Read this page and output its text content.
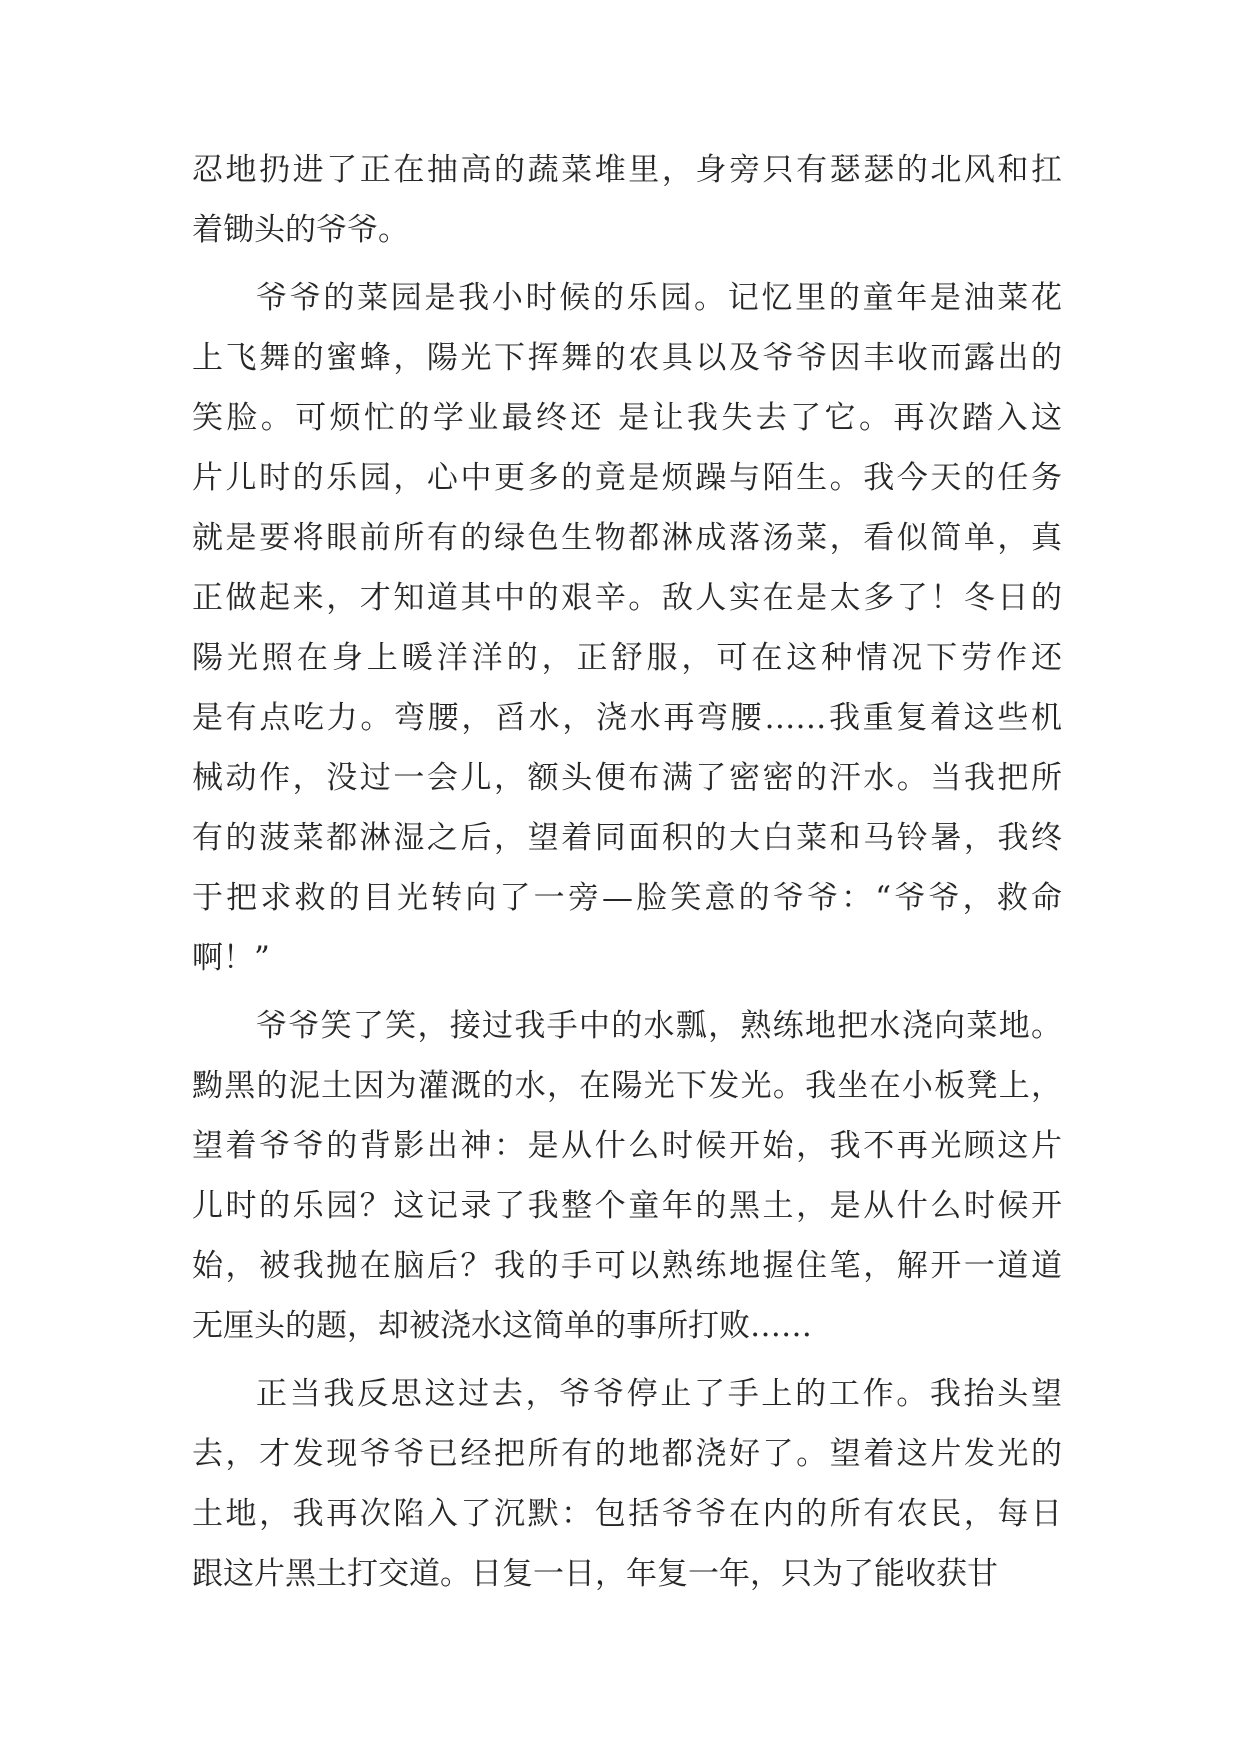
忍地扔进了正在抽高的蔬菜堆里，身旁只有瑟瑟的北风和扛
着锄头的爷爷。
爷爷的菜园是我小时候的乐园。记忆里的童年是油菜花
上飞舞的蜜蜂，陽光下挥舞的农具以及爷爷因丰收而露出的
笑脸。可烦忙的学业最终还 是让我失去了它。再次踏入这
片儿时的乐园，心中更多的竟是烦躁与陌生。我今天的任务
就是要将眼前所有的绿色生物都淋成落汤菜，看似简单，真
正做起来，才知道其中的艰辛。敌人实在是太多了！冬日的
陽光照在身上暖洋洋的，正舒服，可在这种情况下劳作还
是有点吃力。弯腰，舀水，浇水再弯腰……我重复着这些机
械动作，没过一会儿，额头便布满了密密的汗水。当我把所
有的菠菜都淋湿之后，望着同面积的大白菜和马铃暑，我终
于把求救的目光转向了一旁—脸笑意的爷爷：“爷爷，救命
啊！”
爷爷笑了笑，接过我手中的水瓢，熟练地把水浇向菜地。
黝黑的泥土因为灌溉的水，在陽光下发光。我坐在小板凳上，
望着爷爷的背影出神：是从什么时候开始，我不再光顾这片
儿时的乐园？这记录了我整个童年的黑土，是从什么时候开
始，被我抛在脑后？我的手可以熟练地握住笔，解开一道道
无厘头的题，却被浇水这简单的事所打败……
正当我反思这过去，爷爷停止了手上的工作。我抬头望
去，才发现爷爷已经把所有的地都浇好了。望着这片发光的
土地，我再次陷入了沉默：包括爷爷在内的所有农民，每日
跟这片黑土打交道。日复一日，年复一年，只为了能收获甘
